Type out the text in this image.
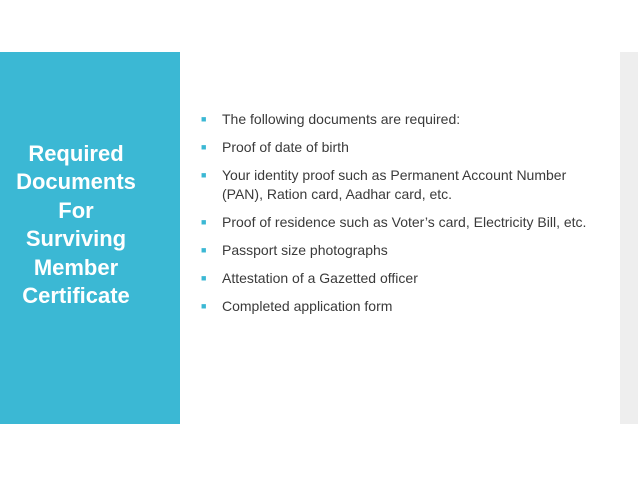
Required
Documents
For
Surviving
Member
Certificate
■ The following documents are required:
■ Proof of date of birth
■ Your identity proof such as Permanent Account Number (PAN), Ration card, Aadhar card, etc.
■ Proof of residence such as Voter’s card, Electricity Bill, etc.
■ Passport size photographs
■ Attestation of a Gazetted officer
■ Completed application form
